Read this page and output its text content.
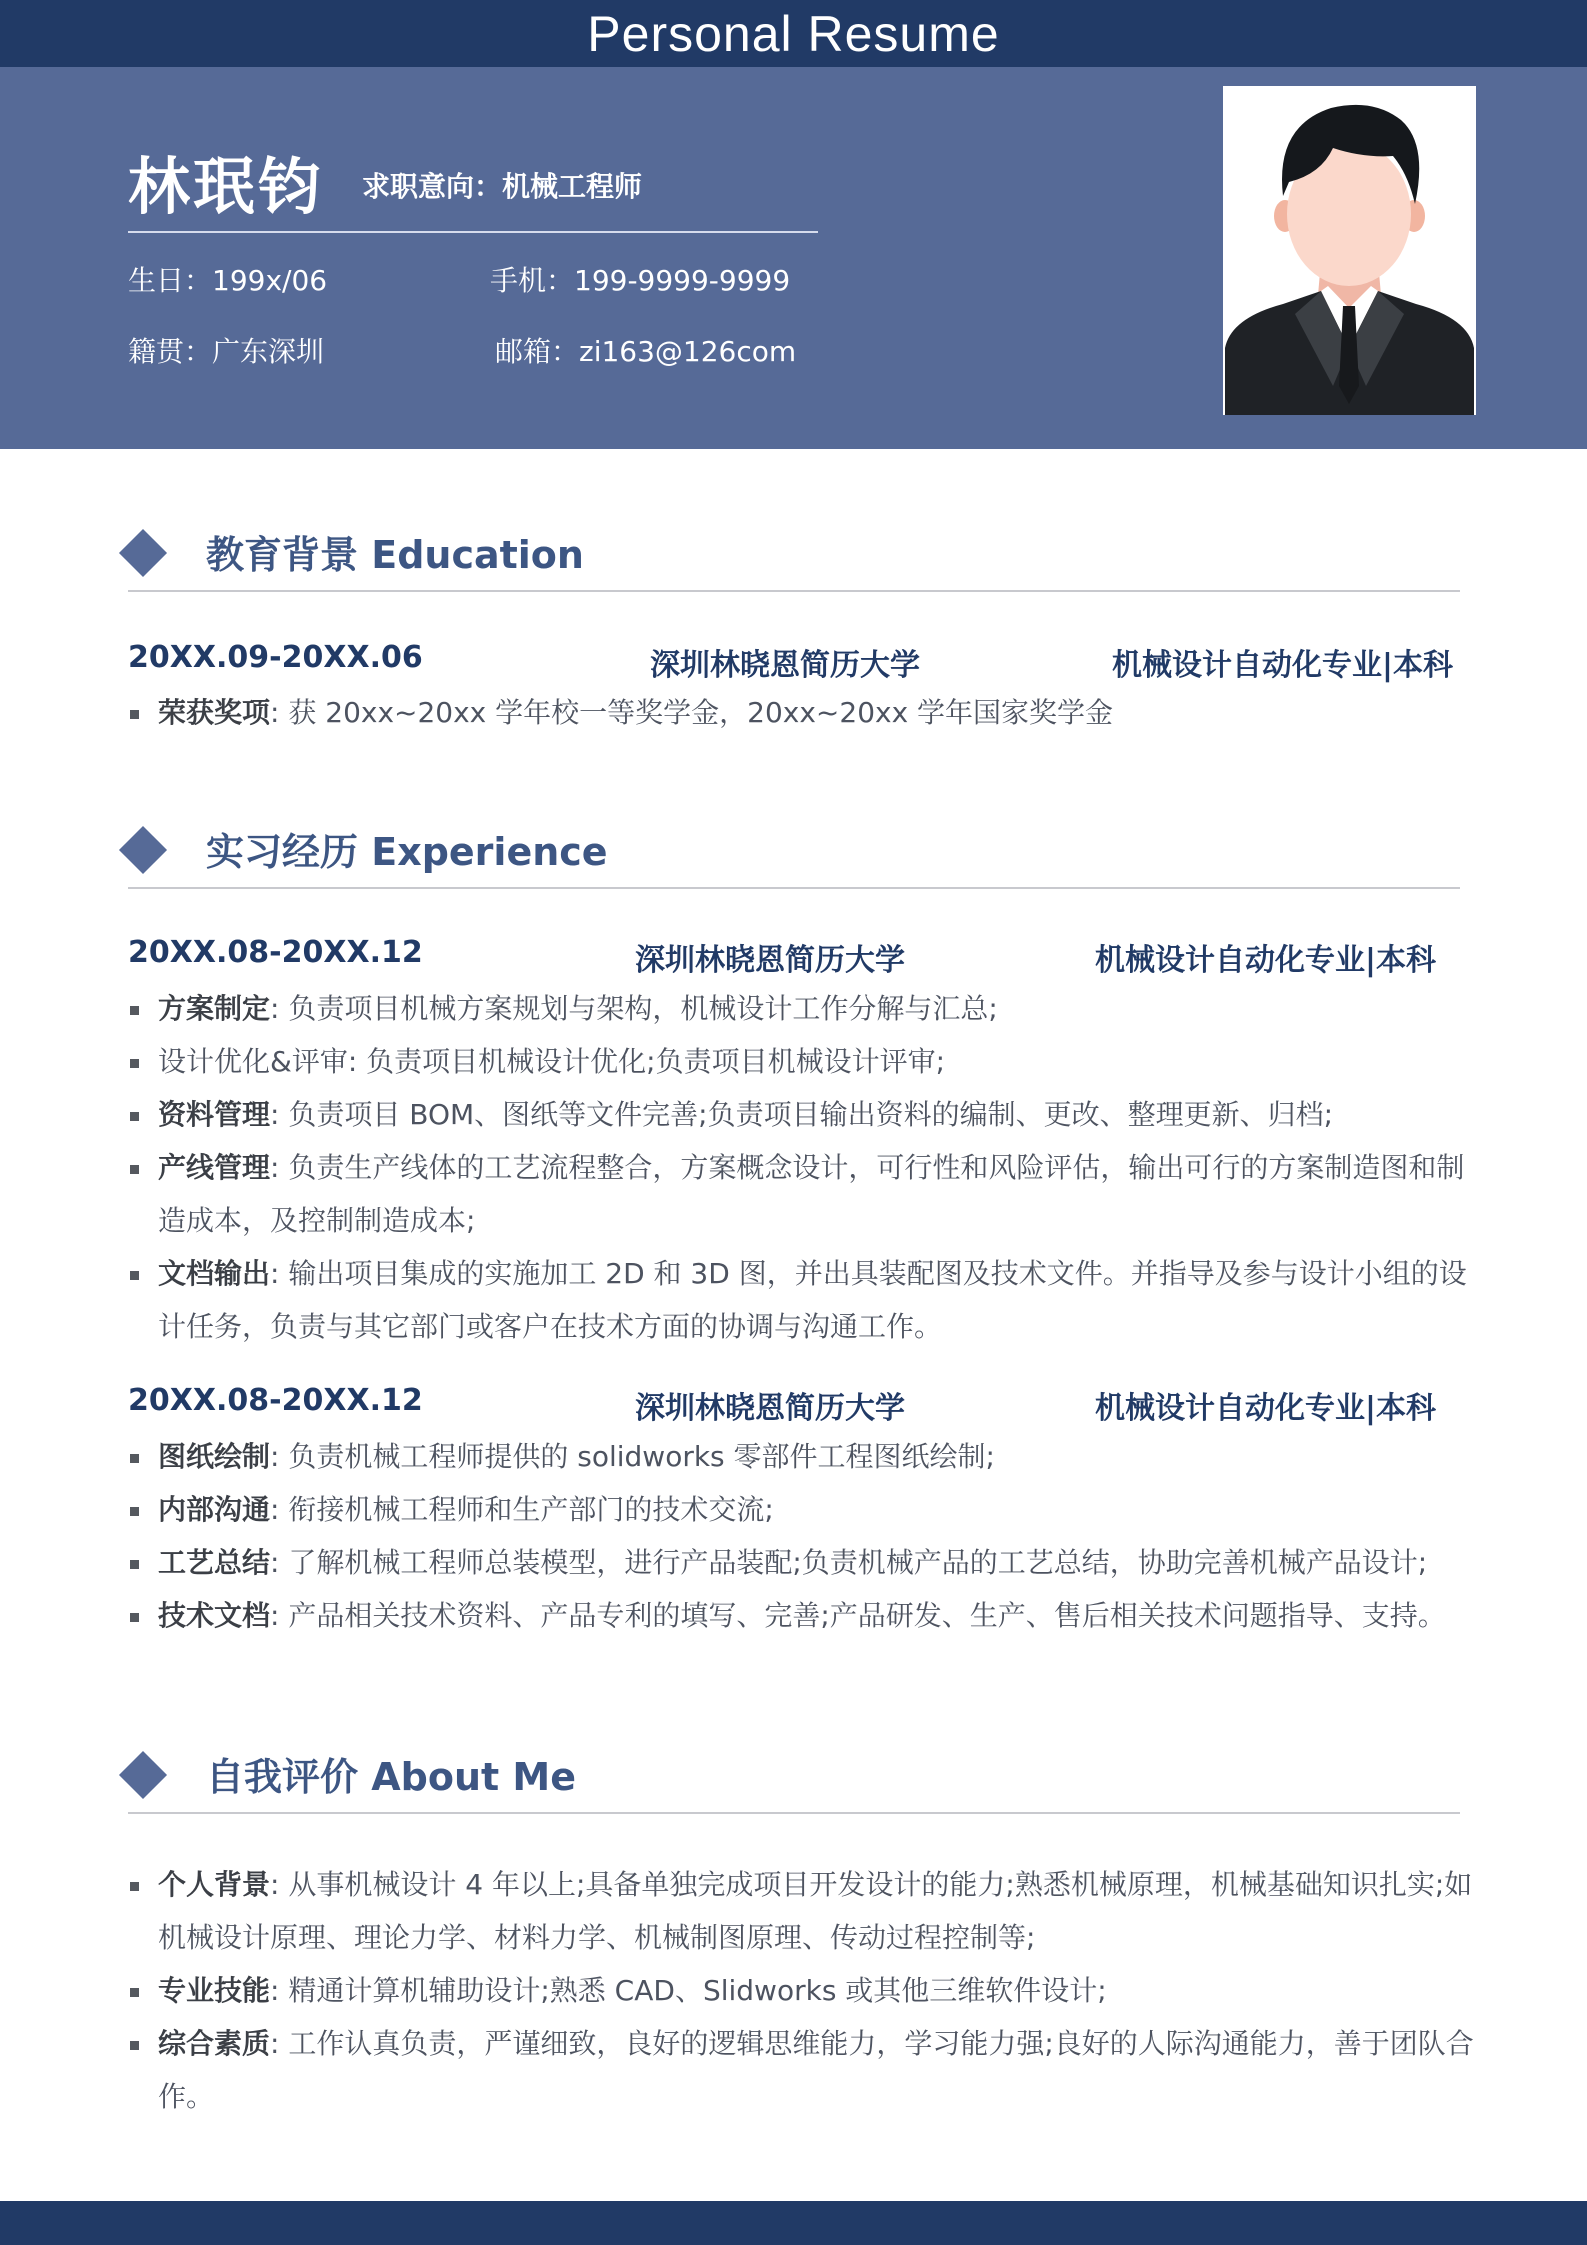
Personal Resume
林珉钧 求职意向：机械工程师
生日：199x/06	手机：199-9999-9999
籍贯：广东深圳	邮箱：zi163@126com
教育背景 Education
20XX.09-20XX.06	深圳林晓恩简历大学	机械设计自动化专业|本科
荣获奖项: 获 20xx~20xx 学年校一等奖学金，20xx~20xx 学年国家奖学金
实习经历 Experience
20XX.08-20XX.12	深圳林晓恩简历大学	机械设计自动化专业|本科
方案制定: 负责项目机械方案规划与架构，机械设计工作分解与汇总;
设计优化&评审: 负责项目机械设计优化;负责项目机械设计评审;
资料管理: 负责项目 BOM、图纸等文件完善;负责项目输出资料的编制、更改、整理更新、归档;
产线管理: 负责生产线体的工艺流程整合，方案概念设计，可行性和风险评估，输出可行的方案制造图和制造成本，及控制制造成本;
文档输出: 输出项目集成的实施加工 2D 和 3D 图，并出具装配图及技术文件。并指导及参与设计小组的设计任务，负责与其它部门或客户在技术方面的协调与沟通工作。
20XX.08-20XX.12	深圳林晓恩简历大学	机械设计自动化专业|本科
图纸绘制: 负责机械工程师提供的 solidworks 零部件工程图纸绘制;
内部沟通: 衔接机械工程师和生产部门的技术交流;
工艺总结: 了解机械工程师总装模型，进行产品装配;负责机械产品的工艺总结，协助完善机械产品设计;
技术文档: 产品相关技术资料、产品专利的填写、完善;产品研发、生产、售后相关技术问题指导、支持。
自我评价 About Me
个人背景: 从事机械设计 4 年以上;具备单独完成项目开发设计的能力;熟悉机械原理，机械基础知识扎实;如机械设计原理、理论力学、材料力学、机械制图原理、传动过程控制等;
专业技能: 精通计算机辅助设计;熟悉 CAD、Slidworks 或其他三维软件设计;
综合素质: 工作认真负责，严谨细致，良好的逻辑思维能力，学习能力强;良好的人际沟通能力，善于团队合作。
